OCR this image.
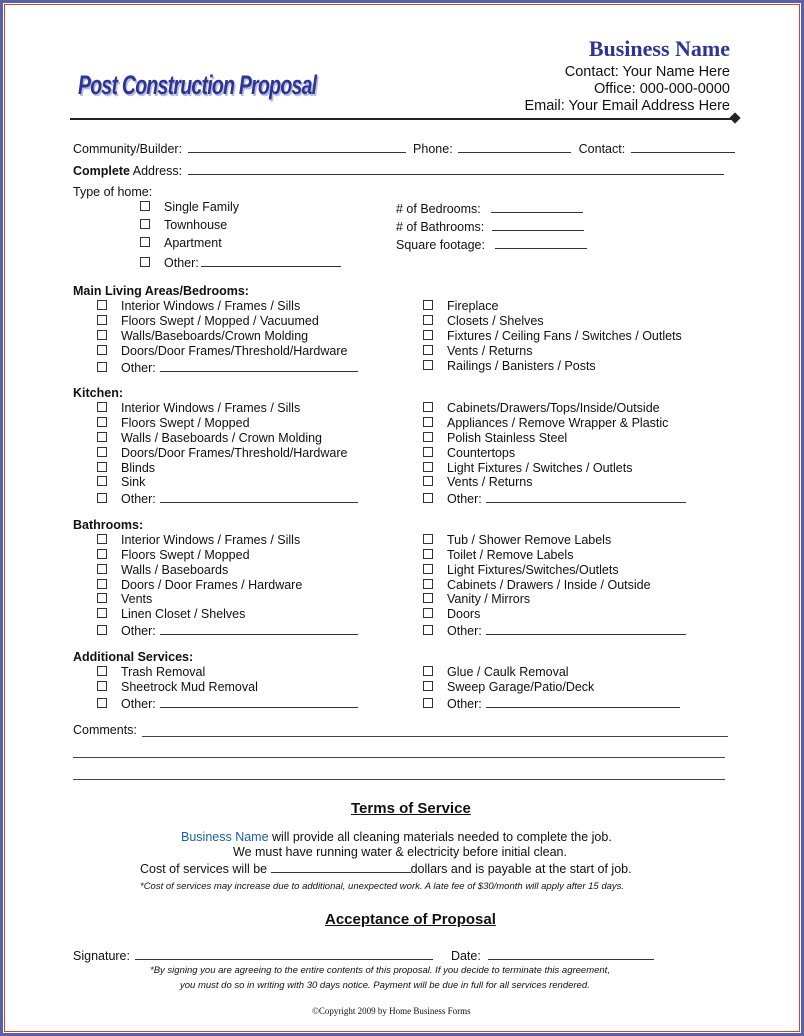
Post Construction Proposal
Business Name
Contact: Your Name Here
Office: 000-000-0000
Email: Your Email Address Here
Community/Builder:	Phone:	Contact:
Complete Address:
Type of home:
Single Family
Townhouse
Apartment
Other:
# of Bedrooms:
# of Bathrooms:
Square footage:
Main Living Areas/Bedrooms:
Interior Windows / Frames / Sills
Floors Swept / Mopped / Vacuumed
Walls/Baseboards/Crown Molding
Doors/Door Frames/Threshold/Hardware
Other:
Fireplace
Closets / Shelves
Fixtures / Ceiling Fans / Switches / Outlets
Vents / Returns
Railings / Banisters / Posts
Kitchen:
Interior Windows / Frames / Sills
Floors Swept / Mopped
Walls / Baseboards / Crown Molding
Doors/Door Frames/Threshold/Hardware
Blinds
Sink
Other:
Cabinets/Drawers/Tops/Inside/Outside
Appliances / Remove Wrapper & Plastic
Polish Stainless Steel
Countertops
Light Fixtures / Switches / Outlets
Vents / Returns
Other:
Bathrooms:
Interior Windows / Frames / Sills
Floors Swept / Mopped
Walls / Baseboards
Doors / Door Frames / Hardware
Vents
Linen Closet / Shelves
Other:
Tub / Shower Remove Labels
Toilet / Remove Labels
Light Fixtures/Switches/Outlets
Cabinets / Drawers / Inside / Outside
Vanity / Mirrors
Doors
Other:
Additional Services:
Trash Removal
Sheetrock Mud Removal
Other:
Glue / Caulk Removal
Sweep Garage/Patio/Deck
Other:
Comments:
Terms of Service
Business Name will provide all cleaning materials needed to complete the job.
We must have running water & electricity before initial clean.
Cost of services will be	dollars and is payable at the start of job.
*Cost of services may increase due to additional, unexpected work. A late fee of $30/month will apply after 15 days.
Acceptance of Proposal
Signature:	Date:
*By signing you are agreeing to the entire contents of this proposal. If you decide to terminate this agreement,
you must do so in writing with 30 days notice. Payment will be due in full for all services rendered.
©Copyright 2009 by Home Business Forms
